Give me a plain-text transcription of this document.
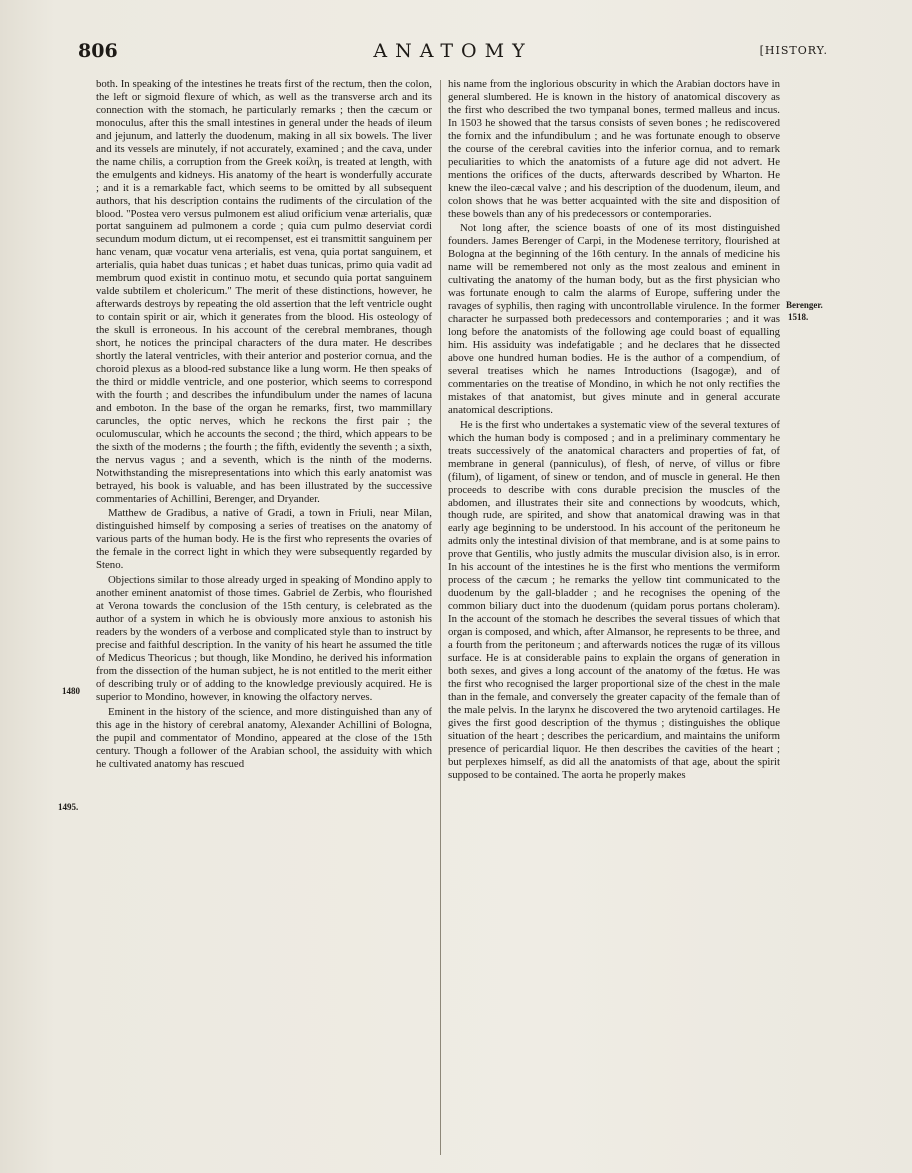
806	ANATOMY	[HISTORY.

both. In speaking of the intestines he treats first of the rectum, then the colon, the left or sigmoid flexure of which, as well as the transverse arch and its connection with the stomach, he particularly remarks ; then the cæcum or monoculus, after this the small intestines in general under the heads of ileum and jejunum, and latterly the duodenum, making in all six bowels. The liver and its vessels are minutely, if not accurately, examined ; and the cava, under the name chilis, a corruption from the Greek κοίλη, is treated at length, with the emulgents and kidneys. His anatomy of the heart is wonderfully accurate ; and it is a remarkable fact, which seems to be omitted by all subsequent authors, that his description contains the rudiments of the circulation of the blood. "Postea vero versus pulmonem est aliud orificium venæ arterialis, quæ portat sanguinem ad pulmonem a corde ; quia cum pulmo deserviat cordi secundum modum dictum, ut ei recompenset, est ei transmittit sanguinem per hanc venam, quæ vocatur vena arterialis, est vena, quia portat sanguinem, et arterialis, quia habet duas tunicas ; et habet duas tunicas, primo quia vadit ad membrum quod existit in continuo motu, et secundo quia portat sanguinem valde subtilem et cholericum." The merit of these distinctions, however, he afterwards destroys by repeating the old assertion that the left ventricle ought to contain spirit or air, which it generates from the blood. His osteology of the skull is erroneous. In his account of the cerebral membranes, though short, he notices the principal characters of the dura mater. He describes shortly the lateral ventricles, with their anterior and posterior cornua, and the choroid plexus as a blood-red substance like a lung worm. He then speaks of the third or middle ventricle, and one posterior, which seems to correspond with the fourth ; and describes the infundibulum under the names of lacuna and emboton. In the base of the organ he remarks, first, two mammillary caruncles, the optic nerves, which he reckons the first pair ; the oculomuscular, which he accounts the second ; the third, which appears to be the sixth of the moderns ; the fourth ; the fifth, evidently the seventh ; a sixth, the nervus vagus ; and a seventh, which is the ninth of the moderns. Notwithstanding the misrepresentations into which this early anatomist was betrayed, his book is valuable, and has been illustrated by the successive commentaries of Achillini, Berenger, and Dryander.

Matthew de Gradibus, a native of Gradi, a town in Friuli, near Milan, distinguished himself by composing a series of treatises on the anatomy of various parts of the human body. He is the first who represents the ovaries of the female in the correct light in which they were subsequently regarded by Steno.

Objections similar to those already urged in speaking of Mondino apply to another eminent anatomist of those times. Gabriel de Zerbis, who flourished at Verona towards the conclusion of the 15th century, is celebrated as the author of a system in which he is obviously more anxious to astonish his readers by the wonders of a verbose and complicated style than to instruct by precise and faithful description. In the vanity of his heart he assumed the title of Medicus Theoricus ; but though, like Mondino, he derived his information from the dissection of the human subject, he is not entitled to the merit either of describing truly or of adding to the knowledge previously acquired. He is superior to Mondino, however, in knowing the olfactory nerves.

Eminent in the history of the science, and more distinguished than any of this age in the history of cerebral anatomy, Alexander Achillini of Bologna, the pupil and commentator of Mondino, appeared at the close of the 15th century. Though a follower of the Arabian school, the assiduity with which he cultivated anatomy has rescued

his name from the inglorious obscurity in which the Arabian doctors have in general slumbered. He is known in the history of anatomical discovery as the first who described the two tympanal bones, termed malleus and incus. In 1503 he showed that the tarsus consists of seven bones ; he rediscovered the fornix and the infundibulum ; and he was fortunate enough to observe the course of the cerebral cavities into the inferior cornua, and to remark peculiarities to which the anatomists of a future age did not advert. He mentions the orifices of the ducts, afterwards described by Wharton. He knew the ileo-cæcal valve ; and his description of the duodenum, ileum, and colon shows that he was better acquainted with the site and disposition of these bowels than any of his predecessors or contemporaries.

Not long after, the science boasts of one of its most distinguished founders. James Berenger of Carpi, in the Modenese territory, flourished at Bologna at the beginning of the 16th century. In the annals of medicine his name will be remembered not only as the most zealous and eminent in cultivating the anatomy of the human body, but as the first physician who was fortunate enough to calm the alarms of Europe, suffering under the ravages of syphilis, then raging with uncontrollable virulence. In the former character he surpassed both predecessors and contemporaries ; and it was long before the anatomists of the following age could boast of equalling him. His assiduity was indefatigable ; and he declares that he dissected above one hundred human bodies. He is the author of a compendium, of several treatises which he names Introductions (Isagogæ), and of commentaries on the treatise of Mondino, in which he not only rectifies the mistakes of that anatomist, but gives minute and in general accurate anatomical descriptions.

He is the first who undertakes a systematic view of the several textures of which the human body is composed ; and in a preliminary commentary he treats successively of the anatomical characters and properties of fat, of membrane in general (panniculus), of flesh, of nerve, of villus or fibre (filum), of ligament, of sinew or tendon, and of muscle in general. He then proceeds to describe with cons durable precision the muscles of the abdomen, and illustrates their site and connections by woodcuts, which, though rude, are spirited, and show that anatomical drawing was in that early age beginning to be understood. In his account of the peritoneum he admits only the intestinal division of that membrane, and is at some pains to prove that Gentilis, who justly admits the muscular division also, is in error. In his account of the intestines he is the first who mentions the vermiform process of the cæcum ; he remarks the yellow tint communicated to the duodenum by the gall-bladder ; and he recognises the opening of the common biliary duct into the duodenum (quidam porus portans choleram). In the account of the stomach he describes the several tissues of which that organ is composed, and which, after Almansor, he represents to be three, and a fourth from the peritoneum ; and afterwards notices the rugæ of its villous surface. He is at considerable pains to explain the organs of generation in both sexes, and gives a long account of the anatomy of the fœtus. He was the first who recognised the larger proportional size of the chest in the male than in the female, and conversely the greater capacity of the female than of the male pelvis. In the larynx he discovered the two arytenoid cartilages. He gives the first good description of the thymus ; distinguishes the oblique situation of the heart ; describes the pericardium, and maintains the uniform presence of pericardial liquor. He then describes the cavities of the heart ; but perplexes himself, as did all the anatomists of that age, about the spirit supposed to be contained. The aorta he properly makes

1480
1495.
Berenger.
1518.
